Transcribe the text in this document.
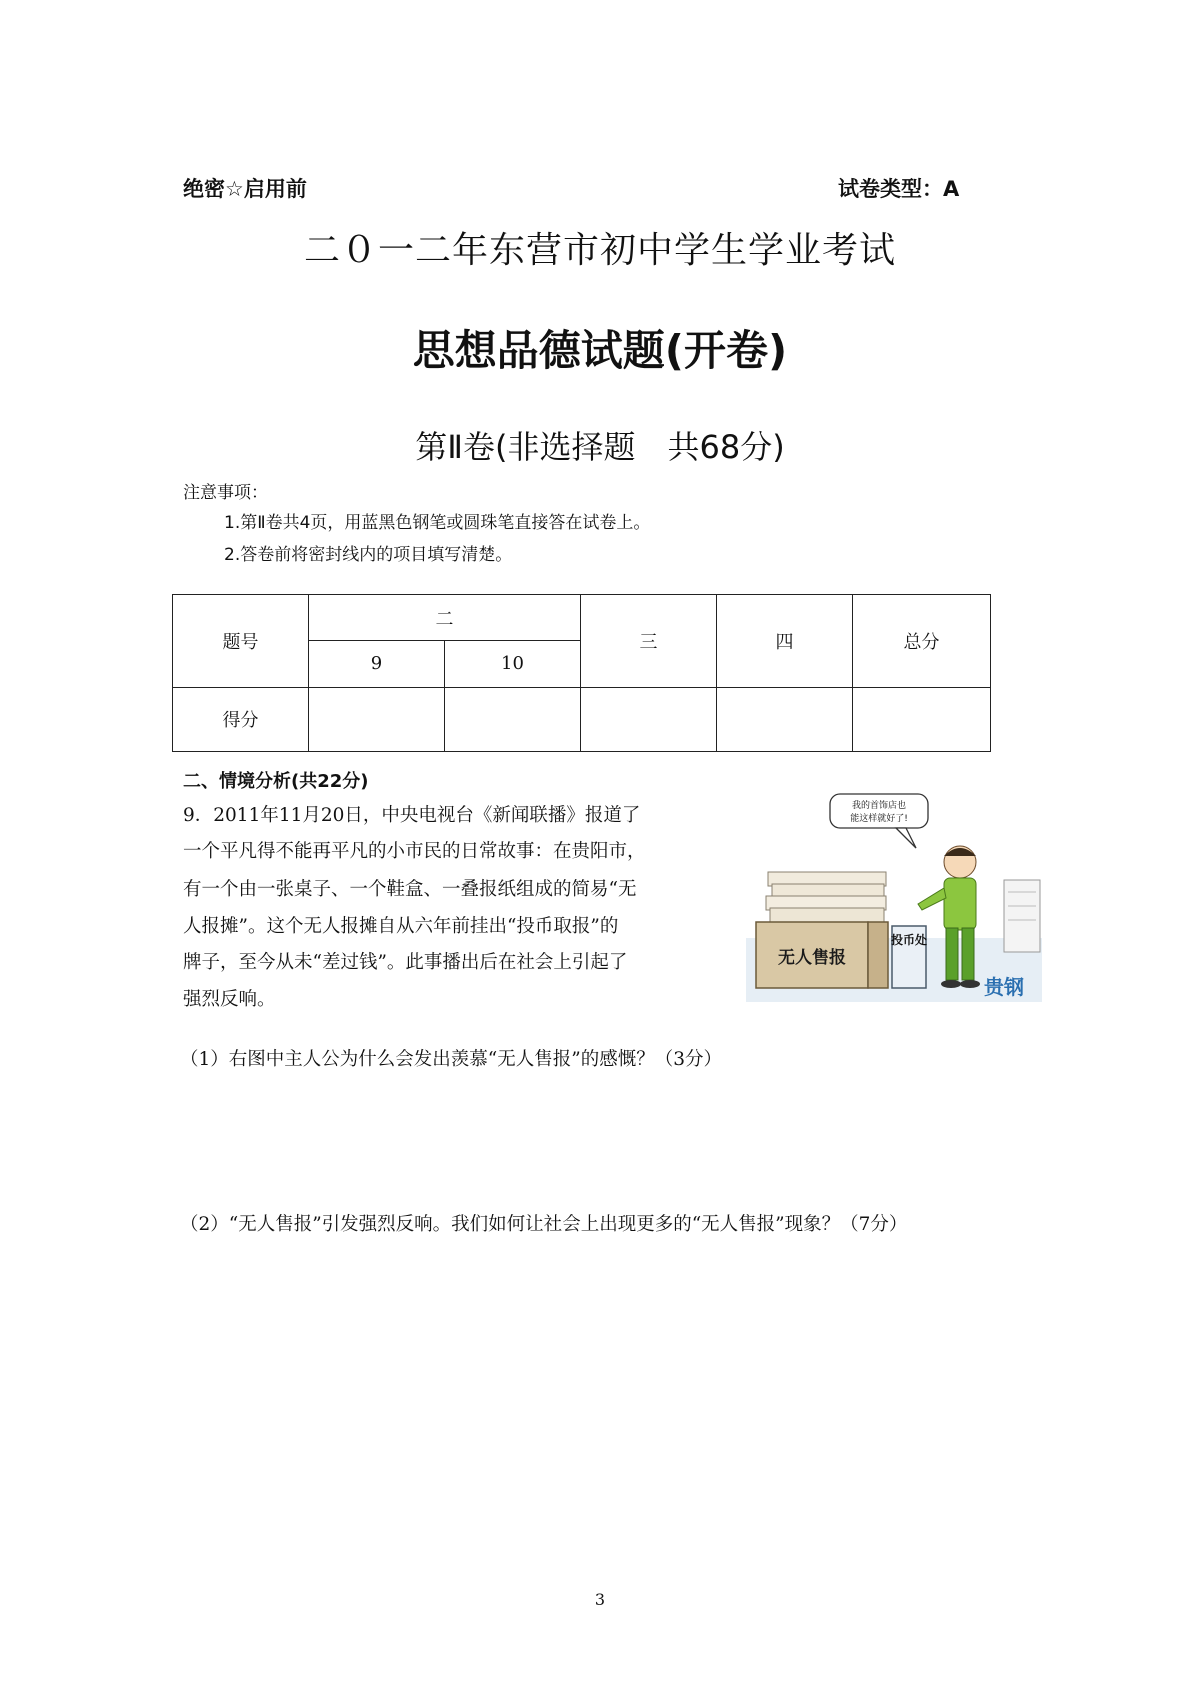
绝密☆启用前	试卷类型：A
二０一二年东营市初中学生学业考试
思想品德试题(开卷)
第Ⅱ卷(非选择题　共68分)
注意事项：
1.第Ⅱ卷共4页，用蓝黑色钢笔或圆珠笔直接答在试卷上。
2.答卷前将密封线内的项目填写清楚。
题号	二		三	四	总分
	9	10			
得分					
二、情境分析(共22分)
9．2011年11月20日，中央电视台《新闻联播》报道了
一个平凡得不能再平凡的小市民的日常故事：在贵阳市，
有一个由一张桌子、一个鞋盒、一叠报纸组成的简易“无
人报摊”。这个无人报摊自从六年前挂出“投币取报”的
牌子，至今从未“差过钱”。此事播出后在社会上引起了
强烈反响。
无人售报
投币处
我的首饰店也
能这样就好了!
贵钢
（1）右图中主人公为什么会发出羡慕“无人售报”的感慨？（3分）
（2）“无人售报”引发强烈反响。我们如何让社会上出现更多的“无人售报”现象？（7分）
3
